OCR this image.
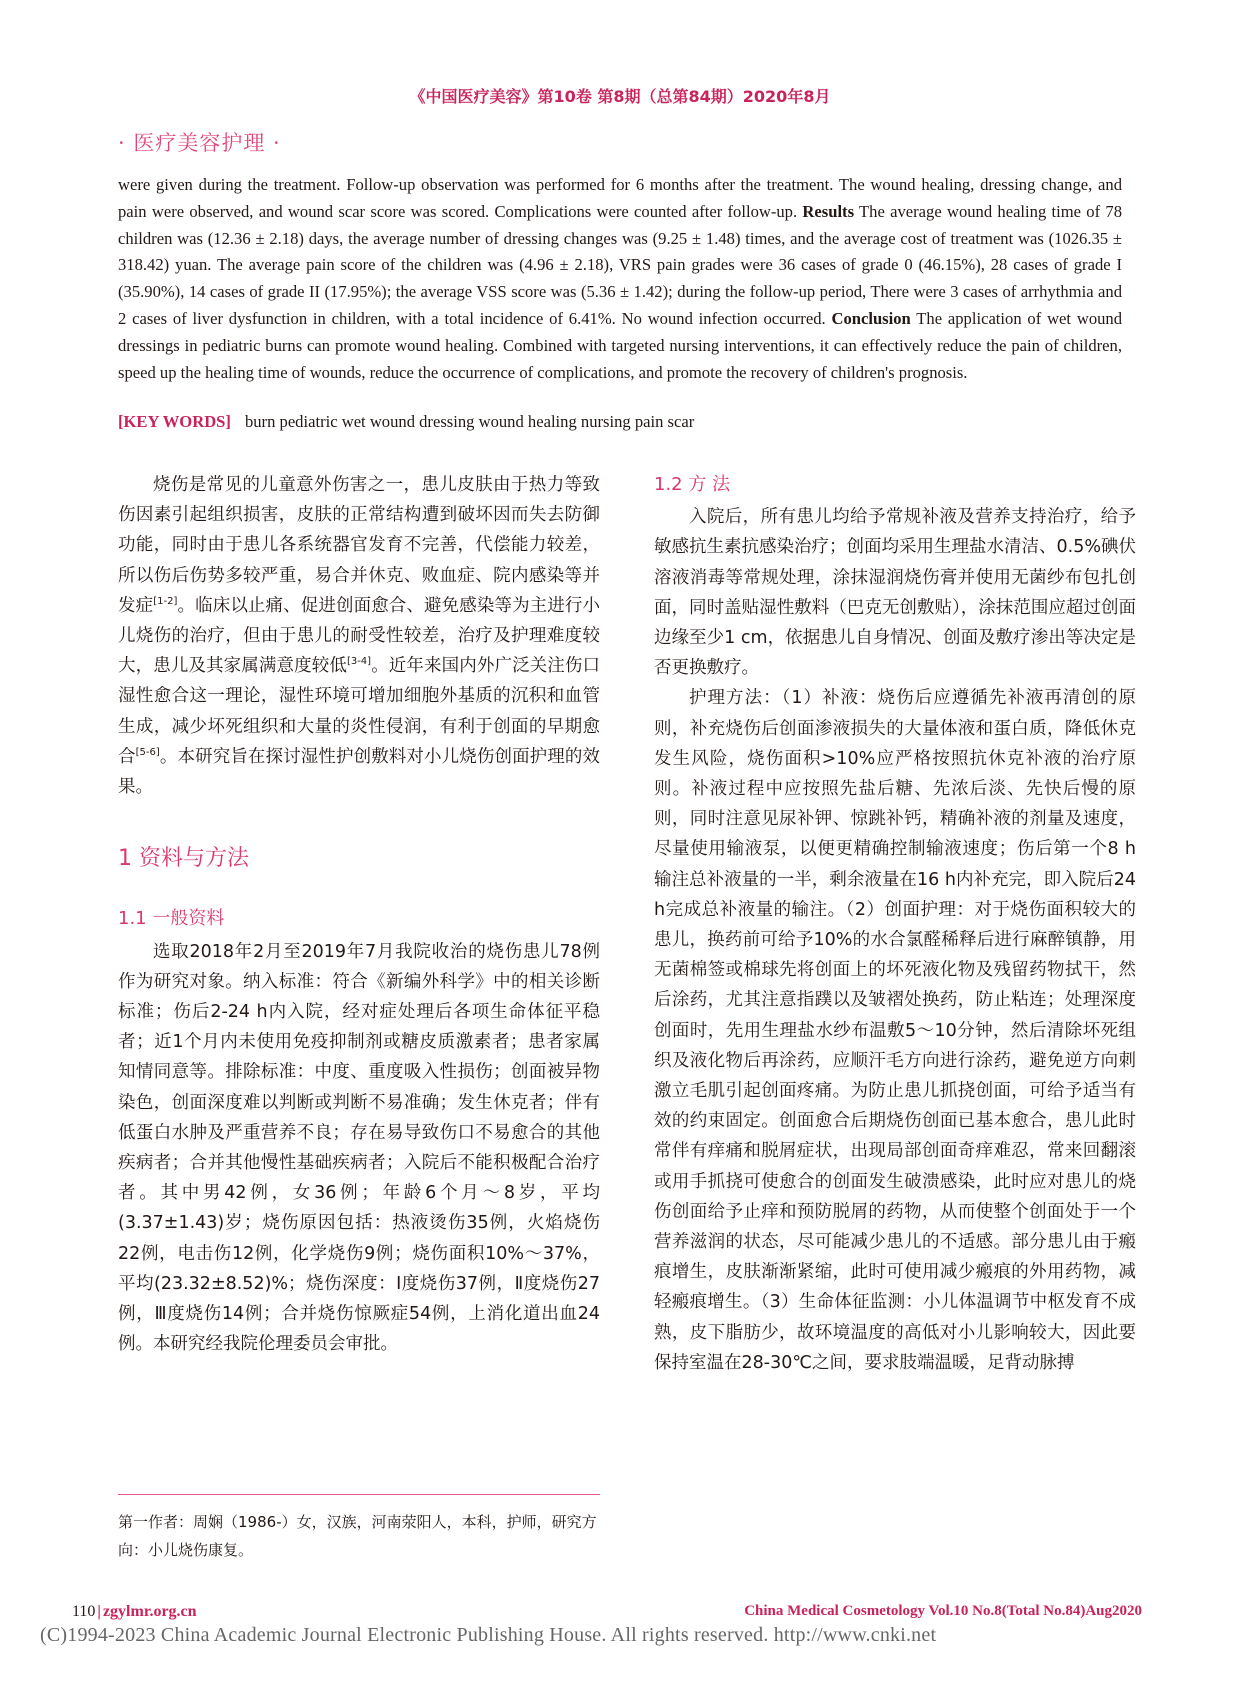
《中国医疗美容》第10卷 第8期（总第84期）2020年8月
· 医疗美容护理 ·
were given during the treatment. Follow-up observation was performed for 6 months after the treatment. The wound healing, dressing change, and pain were observed, and wound scar score was scored. Complications were counted after follow-up. Results The average wound healing time of 78 children was (12.36 ± 2.18) days, the average number of dressing changes was (9.25 ± 1.48) times, and the average cost of treatment was (1026.35 ± 318.42) yuan. The average pain score of the children was (4.96 ± 2.18), VRS pain grades were 36 cases of grade 0 (46.15%), 28 cases of grade I (35.90%), 14 cases of grade II (17.95%); the average VSS score was (5.36 ± 1.42); during the follow-up period, There were 3 cases of arrhythmia and 2 cases of liver dysfunction in children, with a total incidence of 6.41%. No wound infection occurred. Conclusion The application of wet wound dressings in pediatric burns can promote wound healing. Combined with targeted nursing interventions, it can effectively reduce the pain of children, speed up the healing time of wounds, reduce the occurrence of complications, and promote the recovery of children's prognosis.
[KEY WORDS] burn pediatric wet wound dressing wound healing nursing pain scar

烧伤是常见的儿童意外伤害之一，患儿皮肤由于热力等致伤因素引起组织损害，皮肤的正常结构遭到破坏因而失去防御功能，同时由于患儿各系统器官发育不完善，代偿能力较差，所以伤后伤势多较严重，易合并休克、败血症、院内感染等并发症[1-2]。临床以止痛、促进创面愈合、避免感染等为主进行小儿烧伤的治疗，但由于患儿的耐受性较差，治疗及护理难度较大，患儿及其家属满意度较低[3-4]。近年来国内外广泛关注伤口湿性愈合这一理论，湿性环境可增加细胞外基质的沉积和血管生成，减少坏死组织和大量的炎性侵润，有利于创面的早期愈合[5-6]。本研究旨在探讨湿性护创敷料对小儿烧伤创面护理的效果。

1 资料与方法
1.1 一般资料

选取2018年2月至2019年7月我院收治的烧伤患儿78例作为研究对象。纳入标准：符合《新编外科学》中的相关诊断标准；伤后2-24 h内入院，经对症处理后各项生命体征平稳者；近1个月内未使用免疫抑制剂或糖皮质激素者；患者家属知情同意等。排除标准：中度、重度吸入性损伤；创面被异物染色，创面深度难以判断或判断不易准确；发生休克者；伴有低蛋白水肿及严重营养不良；存在易导致伤口不易愈合的其他疾病者；合并其他慢性基础疾病者；入院后不能积极配合治疗者。其中男42例，女36例；年龄6个月～8岁，平均(3.37±1.43)岁；烧伤原因包括：热液烫伤35例，火焰烧伤22例，电击伤12例，化学烧伤9例；烧伤面积10%～37%，平均(23.32±8.52)%；烧伤深度：Ⅰ度烧伤37例，Ⅱ度烧伤27例，Ⅲ度烧伤14例；合并烧伤惊厥症54例，上消化道出血24例。本研究经我院伦理委员会审批。

第一作者：周娴（1986-）女，汉族，河南荥阳人，本科，护师，研究方向：小儿烧伤康复。
1.2 方 法

入院后，所有患儿均给予常规补液及营养支持治疗，给予敏感抗生素抗感染治疗；创面均采用生理盐水清洁、0.5%碘伏溶液消毒等常规处理，涂抹湿润烧伤膏并使用无菌纱布包扎创面，同时盖贴湿性敷料（巴克无创敷贴），涂抹范围应超过创面边缘至少1 cm，依据患儿自身情况、创面及敷疗渗出等决定是否更换敷疗。

护理方法：（1）补液：烧伤后应遵循先补液再清创的原则，补充烧伤后创面渗液损失的大量体液和蛋白质，降低休克发生风险，烧伤面积>10%应严格按照抗休克补液的治疗原则。补液过程中应按照先盐后糖、先浓后淡、先快后慢的原则，同时注意见尿补钾、惊跳补钙，精确补液的剂量及速度，尽量使用输液泵，以便更精确控制输液速度；伤后第一个8 h输注总补液量的一半，剩余液量在16 h内补充完，即入院后24 h完成总补液量的输注。（2）创面护理：对于烧伤面积较大的患儿，换药前可给予10%的水合氯醛稀释后进行麻醉镇静，用无菌棉签或棉球先将创面上的坏死液化物及残留药物拭干，然后涂药，尤其注意指蹼以及皱褶处换药，防止粘连；处理深度创面时，先用生理盐水纱布温敷5～10分钟，然后清除坏死组织及液化物后再涂药，应顺汗毛方向进行涂药，避免逆方向刺激立毛肌引起创面疼痛。为防止患儿抓挠创面，可给予适当有效的约束固定。创面愈合后期烧伤创面已基本愈合，患儿此时常伴有痒痛和脱屑症状，出现局部创面奇痒难忍，常来回翻滚或用手抓挠可使愈合的创面发生破溃感染，此时应对患儿的烧伤创面给予止痒和预防脱屑的药物，从而使整个创面处于一个营养滋润的状态，尽可能减少患儿的不适感。部分患儿由于瘢痕增生，皮肤渐渐紧缩，此时可使用减少瘢痕的外用药物，减轻瘢痕增生。（3）生命体征监测：小儿体温调节中枢发育不成熟，皮下脂肪少，故环境温度的高低对小儿影响较大，因此要保持室温在28-30℃之间，要求肢端温暖，足背动脉搏

110 | zgylmr.org.cn	China Medical Cosmetology Vol.10 No.8(Total No.84)Aug2020
(C)1994-2023 China Academic Journal Electronic Publishing House. All rights reserved. http://www.cnki.net
